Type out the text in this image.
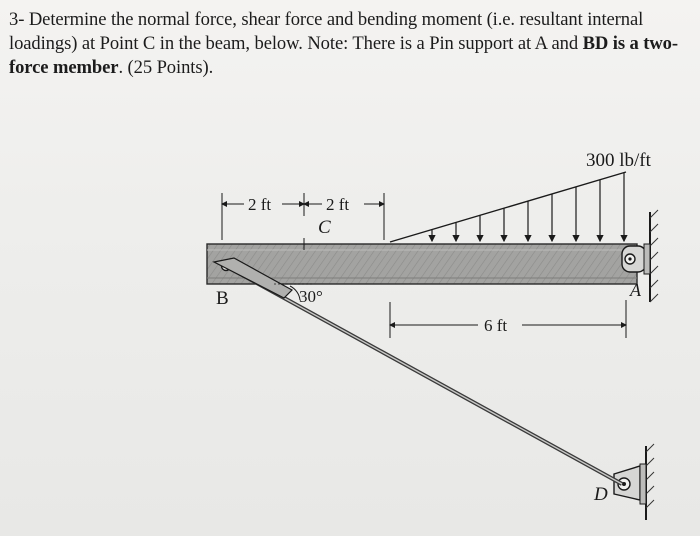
3- Determine the normal force, shear force and bending moment (i.e. resultant internal loadings) at Point C in the beam, below. Note: There is a Pin support at A and BD is a two-force member. (25 Points).
300 lb/ft
2 ft	2 ft
C
B	30°	A
6 ft
D
